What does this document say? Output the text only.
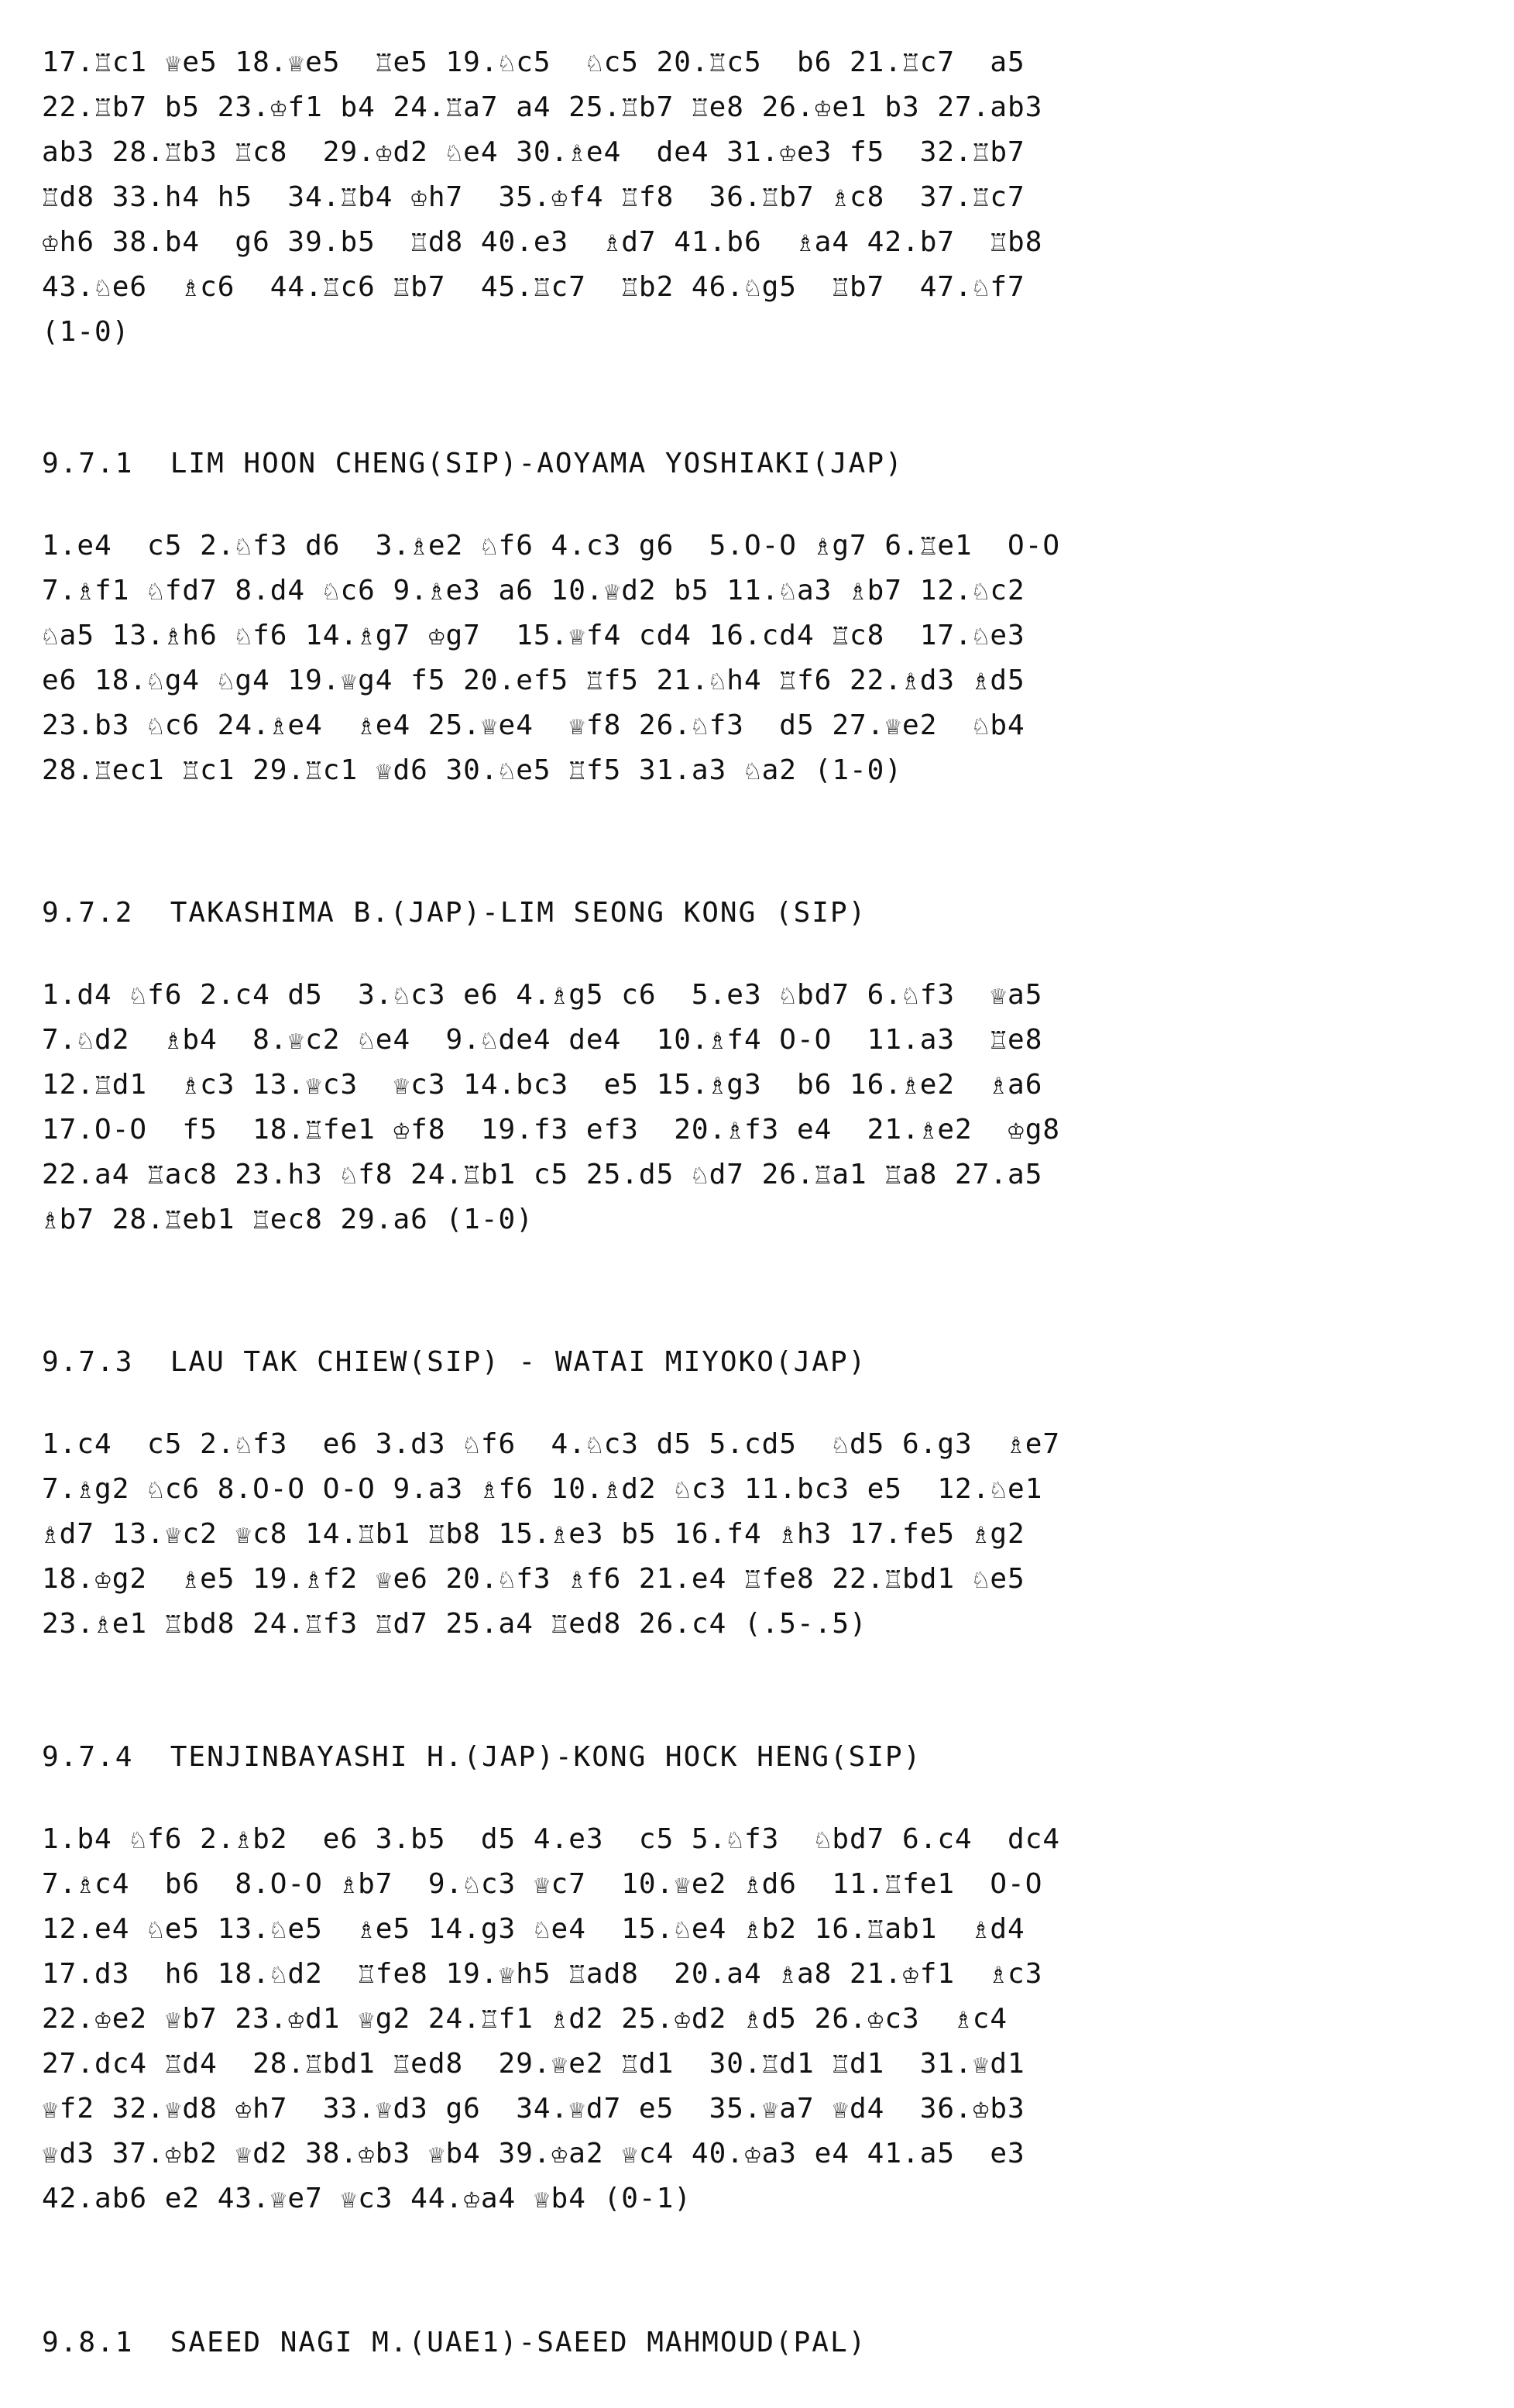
17.♖c1 ♕e5 18.♕e5  ♖e5 19.♘c5  ♘c5 20.♖c5  b6 21.♖c7  a5
22.♖b7 b5 23.♔f1 b4 24.♖a7 a4 25.♖b7 ♖e8 26.♔e1 b3 27.ab3
ab3 28.♖b3 ♖c8  29.♔d2 ♘e4 30.♗e4  de4 31.♔e3 f5  32.♖b7
♖d8 33.h4 h5  34.♖b4 ♔h7  35.♔f4 ♖f8  36.♖b7 ♗c8  37.♖c7
♔h6 38.b4  g6 39.b5  ♖d8 40.e3  ♗d7 41.b6  ♗a4 42.b7  ♖b8
43.♘e6  ♗c6  44.♖c6 ♖b7  45.♖c7  ♖b2 46.♘g5  ♖b7  47.♘f7
(1-0)
9.7.1  LIM HOON CHENG(SIP)-AOYAMA YOSHIAKI(JAP)
1.e4  c5 2.♘f3 d6  3.♗e2 ♘f6 4.c3 g6  5.O-O ♗g7 6.♖e1  O-O
7.♗f1 ♘fd7 8.d4 ♘c6 9.♗e3 a6 10.♕d2 b5 11.♘a3 ♗b7 12.♘c2
♘a5 13.♗h6 ♘f6 14.♗g7 ♔g7  15.♕f4 cd4 16.cd4 ♖c8  17.♘e3
e6 18.♘g4 ♘g4 19.♕g4 f5 20.ef5 ♖f5 21.♘h4 ♖f6 22.♗d3 ♗d5
23.b3 ♘c6 24.♗e4  ♗e4 25.♕e4  ♕f8 26.♘f3  d5 27.♕e2  ♘b4
28.♖ec1 ♖c1 29.♖c1 ♕d6 30.♘e5 ♖f5 31.a3 ♘a2 (1-0)
9.7.2  TAKASHIMA B.(JAP)-LIM SEONG KONG (SIP)
1.d4 ♘f6 2.c4 d5  3.♘c3 e6 4.♗g5 c6  5.e3 ♘bd7 6.♘f3  ♕a5
7.♘d2  ♗b4  8.♕c2 ♘e4  9.♘de4 de4  10.♗f4 O-O  11.a3  ♖e8
12.♖d1  ♗c3 13.♕c3  ♕c3 14.bc3  e5 15.♗g3  b6 16.♗e2  ♗a6
17.O-O  f5  18.♖fe1 ♔f8  19.f3 ef3  20.♗f3 e4  21.♗e2  ♔g8
22.a4 ♖ac8 23.h3 ♘f8 24.♖b1 c5 25.d5 ♘d7 26.♖a1 ♖a8 27.a5
♗b7 28.♖eb1 ♖ec8 29.a6 (1-0)
9.7.3  LAU TAK CHIEW(SIP) - WATAI MIYOKO(JAP)
1.c4  c5 2.♘f3  e6 3.d3 ♘f6  4.♘c3 d5 5.cd5  ♘d5 6.g3  ♗e7
7.♗g2 ♘c6 8.O-O O-O 9.a3 ♗f6 10.♗d2 ♘c3 11.bc3 e5  12.♘e1
♗d7 13.♕c2 ♕c8 14.♖b1 ♖b8 15.♗e3 b5 16.f4 ♗h3 17.fe5 ♗g2
18.♔g2  ♗e5 19.♗f2 ♕e6 20.♘f3 ♗f6 21.e4 ♖fe8 22.♖bd1 ♘e5
23.♗e1 ♖bd8 24.♖f3 ♖d7 25.a4 ♖ed8 26.c4 (.5-.5)
9.7.4  TENJINBAYASHI H.(JAP)-KONG HOCK HENG(SIP)
1.b4 ♘f6 2.♗b2  e6 3.b5  d5 4.e3  c5 5.♘f3  ♘bd7 6.c4  dc4
7.♗c4  b6  8.O-O ♗b7  9.♘c3 ♕c7  10.♕e2 ♗d6  11.♖fe1  O-O
12.e4 ♘e5 13.♘e5  ♗e5 14.g3 ♘e4  15.♘e4 ♗b2 16.♖ab1  ♗d4
17.d3  h6 18.♘d2  ♖fe8 19.♕h5 ♖ad8  20.a4 ♗a8 21.♔f1  ♗c3
22.♔e2 ♕b7 23.♔d1 ♕g2 24.♖f1 ♗d2 25.♔d2 ♗d5 26.♔c3  ♗c4
27.dc4 ♖d4  28.♖bd1 ♖ed8  29.♕e2 ♖d1  30.♖d1 ♖d1  31.♕d1
♕f2 32.♕d8 ♔h7  33.♕d3 g6  34.♕d7 e5  35.♕a7 ♕d4  36.♔b3
♕d3 37.♔b2 ♕d2 38.♔b3 ♕b4 39.♔a2 ♕c4 40.♔a3 e4 41.a5  e3
42.ab6 e2 43.♕e7 ♕c3 44.♔a4 ♕b4 (0-1)
9.8.1  SAEED NAGI M.(UAE1)-SAEED MAHMOUD(PAL)
